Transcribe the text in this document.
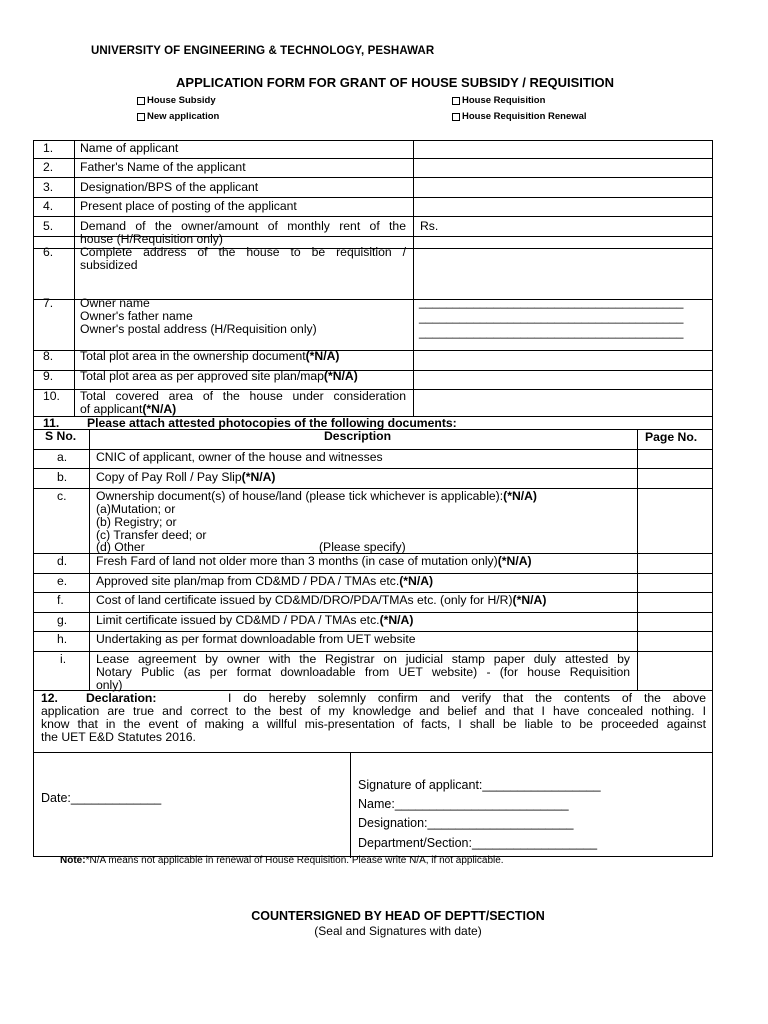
UNIVERSITY OF ENGINEERING & TECHNOLOGY, PESHAWAR
APPLICATION FORM FOR GRANT OF HOUSE SUBSIDY / REQUISITION
House Subsidy
New application
House Requisition
House Requisition Renewal
1. Name of applicant
2. Father's Name of the applicant
3. Designation/BPS of the applicant
4. Present place of posting of the applicant
5. Demand of the owner/amount of monthly rent of the
house (H/Requisition only)
Rs.
6. Complete address of the house to be requisition /
subsidized
7. Owner name
Owner's father name
Owner's postal address (H/Requisition only)
_______________________________________
_______________________________________
_______________________________________
8. Total plot area in the ownership document(*N/A)
9. Total plot area as per approved site plan/map(*N/A)
10. Total covered area of the house under consideration
of applicant(*N/A)
11. Please attach attested photocopies of the following documents:
S No.	Description	Page No.
a. CNIC of applicant, owner of the house and witnesses
b. Copy of Pay Roll / Pay Slip(*N/A)
c. Ownership document(s) of house/land (please tick whichever is applicable):(*N/A)
(a)Mutation; or
(b) Registry; or
(c) Transfer deed; or
(d) Other	(Please specify)
d. Fresh Fard of land not older more than 3 months (in case of mutation only)(*N/A)
e. Approved site plan/map from CD&MD / PDA / TMAs etc.(*N/A)
f.	Cost of land certificate issued by CD&MD/DRO/PDA/TMAs etc. (only for H/R)(*N/A)
g. Limit certificate issued by CD&MD / PDA / TMAs etc.(*N/A)
h. Undertaking as per format downloadable from UET website
i. Lease agreement by owner with the Registrar on judicial stamp paper duly attested by
Notary Public (as per format downloadable from UET website) - (for house Requisition
only)
12. Declaration:	I do hereby solemnly confirm and verify that the contents of the above
application are true and correct to the best of my knowledge and belief and that I have concealed nothing. I
know that in the event of making a willful mis-presentation of facts, I shall be liable to be proceeded against
the UET E&D Statutes 2016.
Date:_____________
Signature of applicant:_________________
Name:_________________________
Designation:_____________________
Department/Section:__________________
Note:*N/A means not applicable in renewal of House Requisition. Please write N/A, if not applicable.
COUNTERSIGNED BY HEAD OF DEPTT/SECTION
(Seal and Signatures with date)
